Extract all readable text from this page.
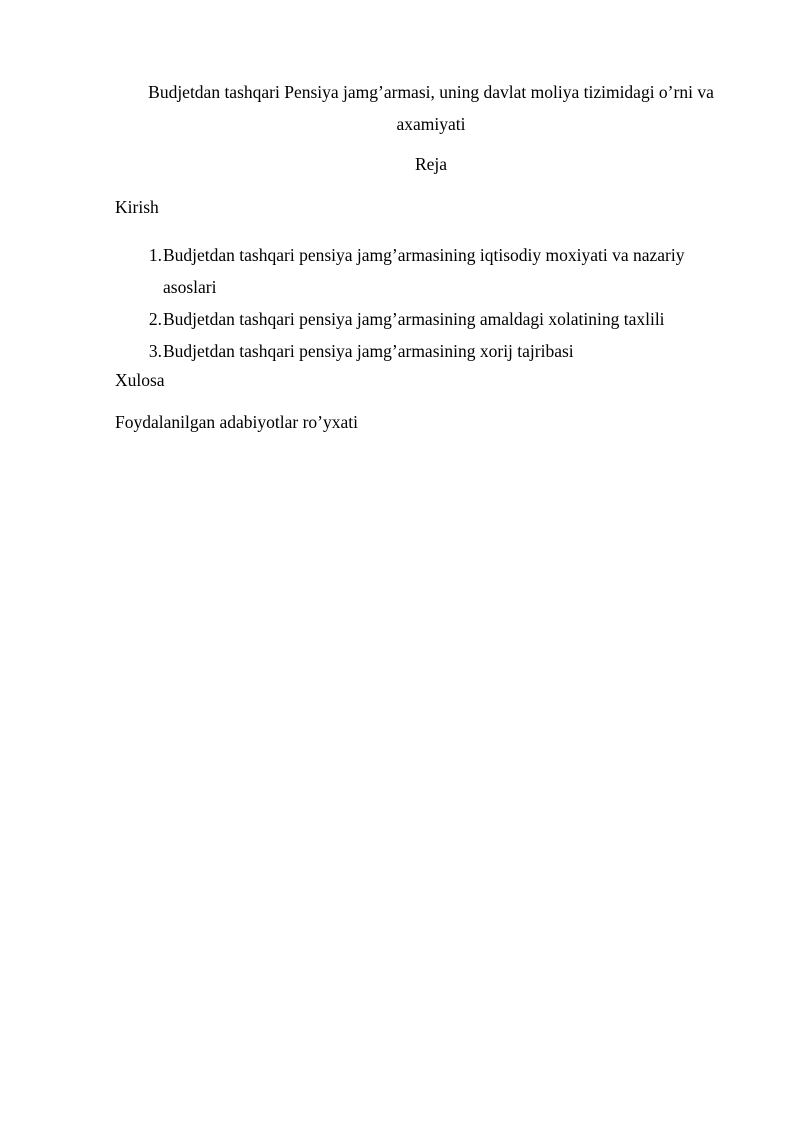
Budjetdan tashqari Pensiya jamg’armasi, uning davlat moliya tizimidagi o’rni va axamiyati
Reja

Kirish

1. Budjetdan tashqari pensiya jamg’armasining iqtisodiy moxiyati va nazariy asoslari
2. Budjetdan tashqari pensiya jamg’armasining amaldagi xolatining taxlili
3. Budjetdan tashqari pensiya jamg’armasining xorij tajribasi

Xulosa

Foydalanilgan adabiyotlar ro’yxati
